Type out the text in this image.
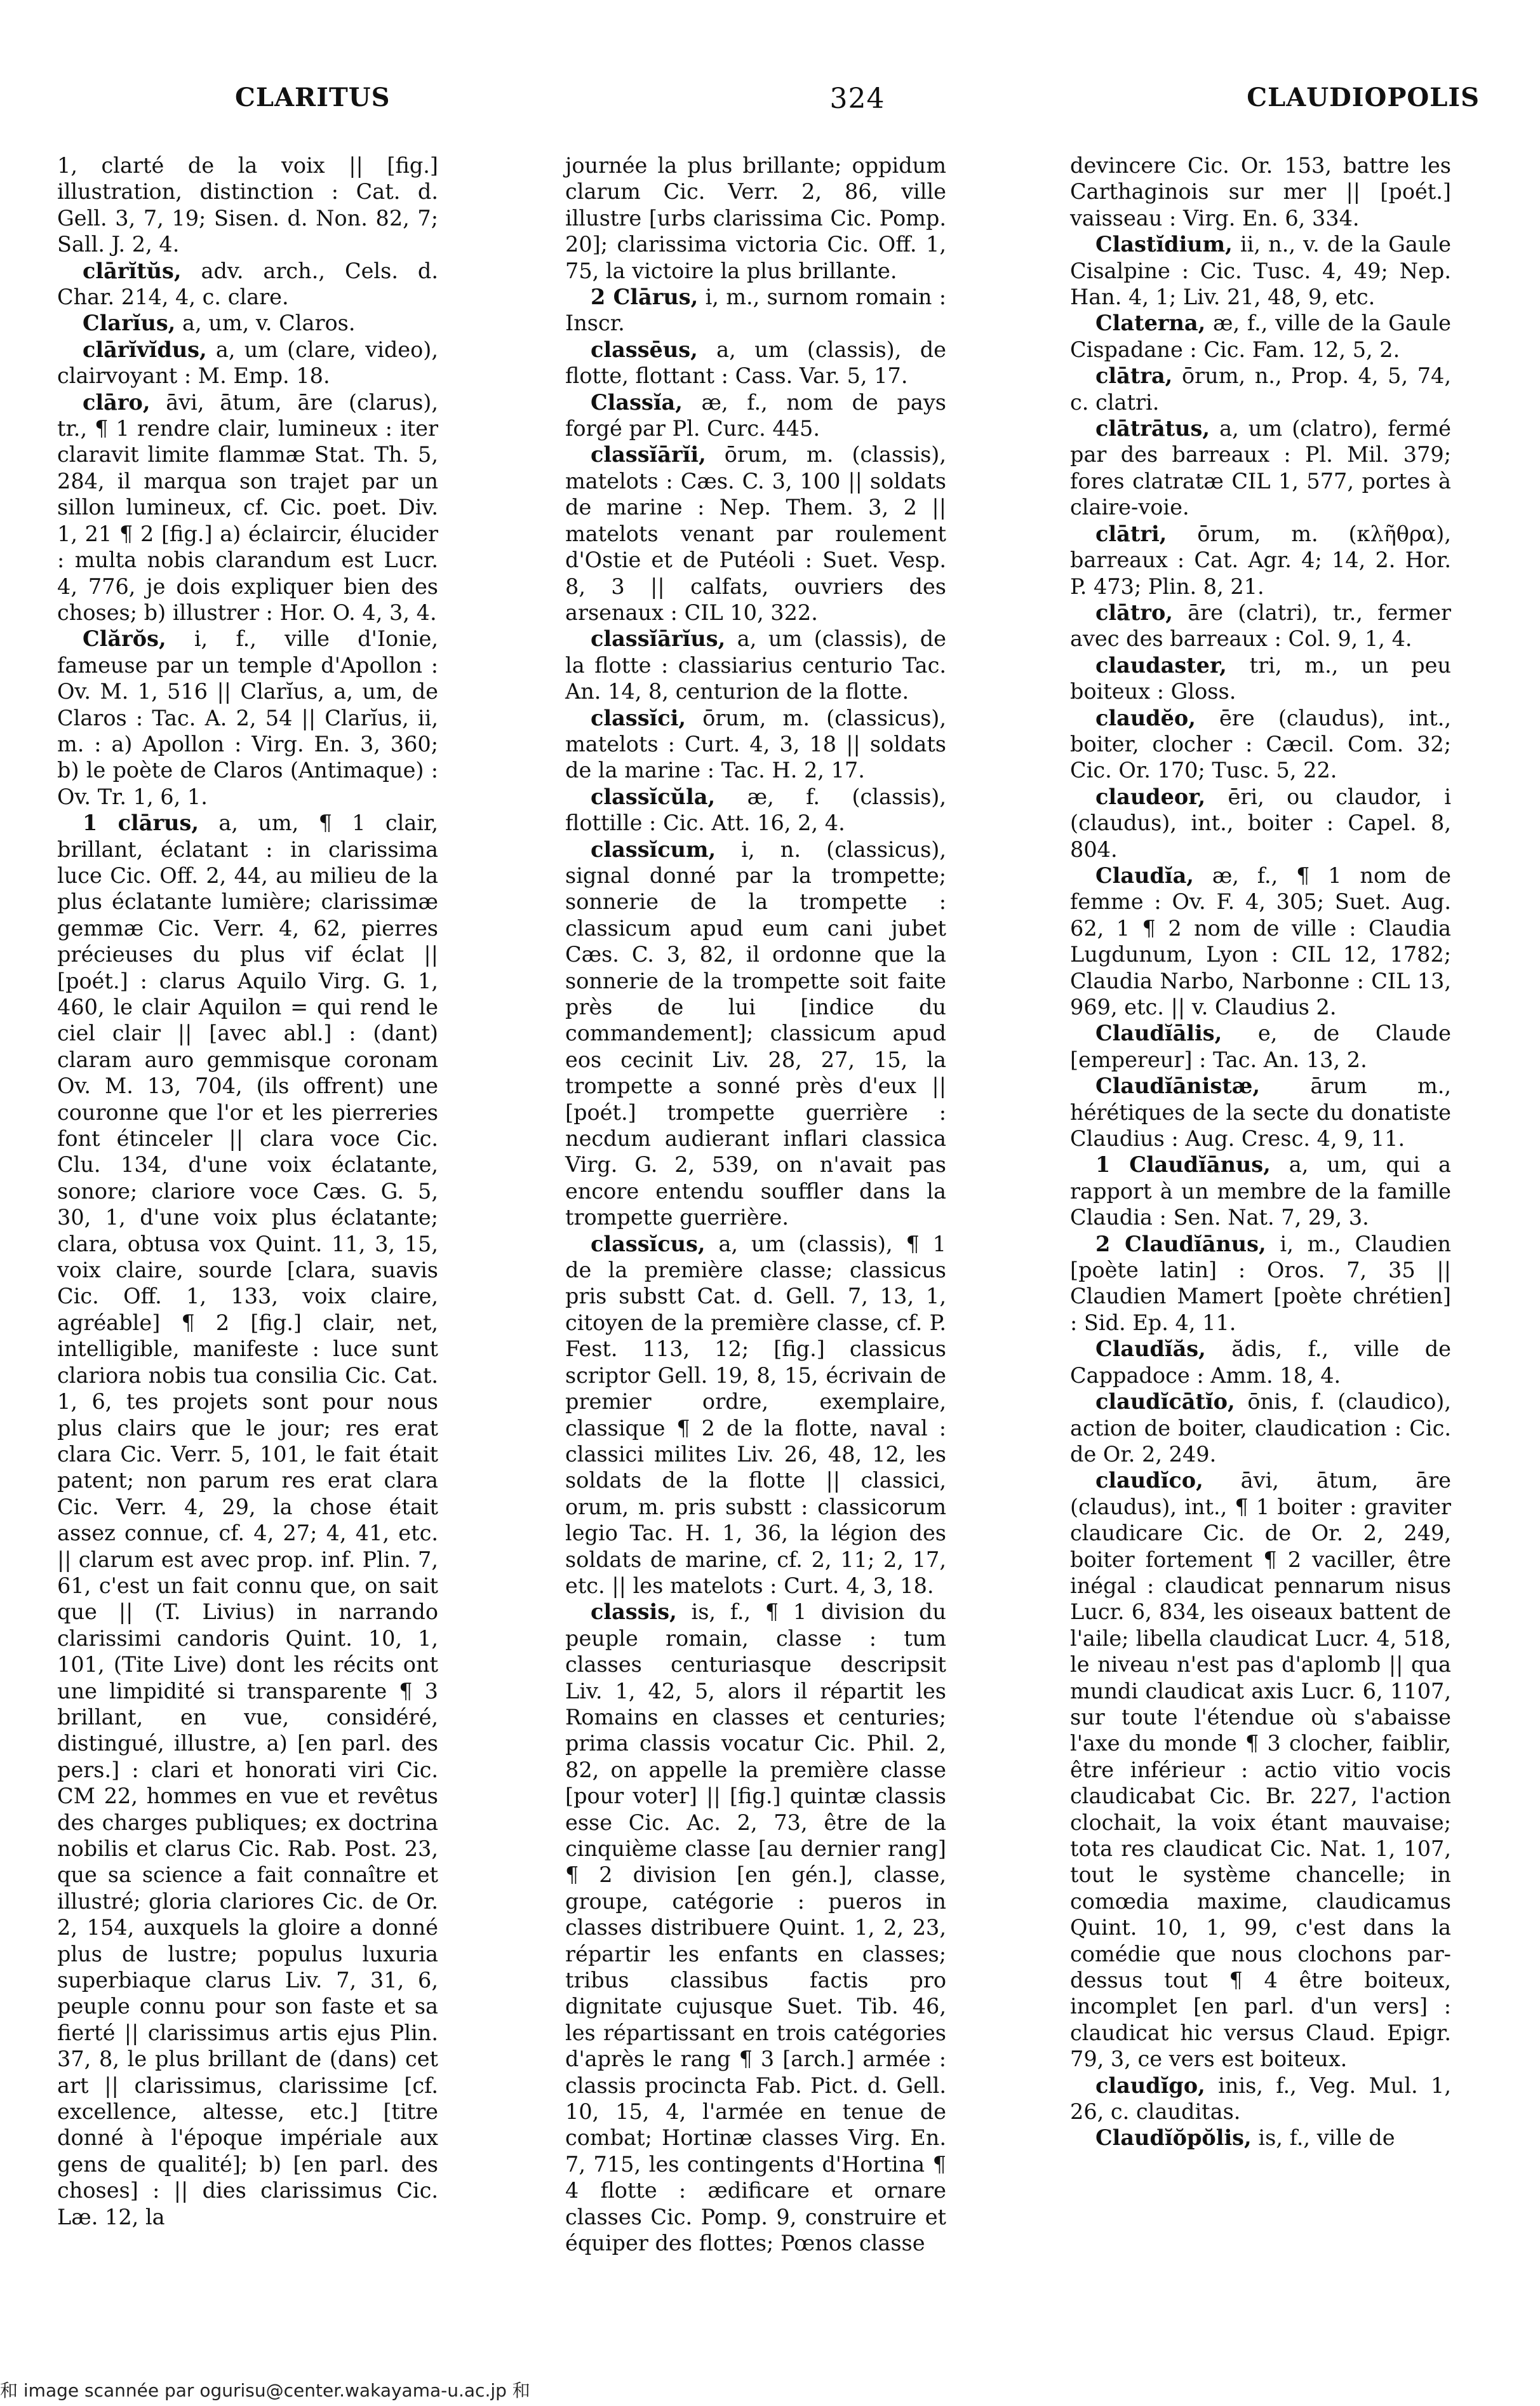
CLARITUS	324	CLAUDIOPOLIS

1, clarté de la voix || [fig.] illustration, distinction : Cat. d. Gell. 3, 7, 19; Sisen. d. Non. 82, 7; Sall. J. 2, 4.

clārĭtŭs, adv. arch., Cels. d. Char. 214, 4, c. clare.

Clarĭus, a, um, v. Claros.

clārĭvĭdus, a, um (clare, video), clairvoyant : M. Emp. 18.

clāro, āvi, ātum, āre (clarus), tr., ¶ 1 rendre clair, lumineux : iter claravit limite flammæ Stat. Th. 5, 284, il marqua son trajet par un sillon lumineux, cf. Cic. poet. Div. 1, 21 ¶ 2 [fig.] a) éclaircir, élucider : multa nobis clarandum est Lucr. 4, 776, je dois expliquer bien des choses; b) illustrer : Hor. O. 4, 3, 4.

Clărŏs, i, f., ville d'Ionie, fameuse par un temple d'Apollon : Ov. M. 1, 516 || Clarĭus, a, um, de Claros : Tac. A. 2, 54 || Clarĭus, ii, m. : a) Apollon : Virg. En. 3, 360; b) le poète de Claros (Antimaque) : Ov. Tr. 1, 6, 1.

1 clārus, a, um, ¶ 1 clair, brillant, éclatant : in clarissima luce Cic. Off. 2, 44, au milieu de la plus éclatante lumière; clarissimæ gemmæ Cic. Verr. 4, 62, pierres précieuses du plus vif éclat || [poét.] : clarus Aquilo Virg. G. 1, 460, le clair Aquilon = qui rend le ciel clair || [avec abl.] : (dant) claram auro gemmisque coronam Ov. M. 13, 704, (ils offrent) une couronne que l'or et les pierreries font étinceler || clara voce Cic. Clu. 134, d'une voix éclatante, sonore; clariore voce Cæs. G. 5, 30, 1, d'une voix plus éclatante; clara, obtusa vox Quint. 11, 3, 15, voix claire, sourde [clara, suavis Cic. Off. 1, 133, voix claire, agréable] ¶ 2 [fig.] clair, net, intelligible, manifeste : luce sunt clariora nobis tua consilia Cic. Cat. 1, 6, tes projets sont pour nous plus clairs que le jour; res erat clara Cic. Verr. 5, 101, le fait était patent; non parum res erat clara Cic. Verr. 4, 29, la chose était assez connue, cf. 4, 27; 4, 41, etc. || clarum est avec prop. inf. Plin. 7, 61, c'est un fait connu que, on sait que || (T. Livius) in narrando clarissimi candoris Quint. 10, 1, 101, (Tite Live) dont les récits ont une limpidité si transparente ¶ 3 brillant, en vue, considéré, distingué, illustre, a) [en parl. des pers.] : clari et honorati viri Cic. CM 22, hommes en vue et revêtus des charges publiques; ex doctrina nobilis et clarus Cic. Rab. Post. 23, que sa science a fait connaître et illustré; gloria clariores Cic. de Or. 2, 154, auxquels la gloire a donné plus de lustre; populus luxuria superbiaque clarus Liv. 7, 31, 6, peuple connu pour son faste et sa fierté || clarissimus artis ejus Plin. 37, 8, le plus brillant de (dans) cet art || clarissimus, clarissime [cf. excellence, altesse, etc.] [titre donné à l'époque impériale aux gens de qualité]; b) [en parl. des choses] : || dies clarissimus Cic. Læ. 12, la

journée la plus brillante; oppidum clarum Cic. Verr. 2, 86, ville illustre [urbs clarissima Cic. Pomp. 20]; clarissima victoria Cic. Off. 1, 75, la victoire la plus brillante.

2 Clārus, i, m., surnom romain : Inscr.

classēus, a, um (classis), de flotte, flottant : Cass. Var. 5, 17.

Classĭa, æ, f., nom de pays forgé par Pl. Curc. 445.

classĭārĭi, ōrum, m. (classis), matelots : Cæs. C. 3, 100 || soldats de marine : Nep. Them. 3, 2 || matelots venant par roulement d'Ostie et de Putéoli : Suet. Vesp. 8, 3 || calfats, ouvriers des arsenaux : CIL 10, 322.

classĭārĭus, a, um (classis), de la flotte : classiarius centurio Tac. An. 14, 8, centurion de la flotte.

classĭci, ōrum, m. (classicus), matelots : Curt. 4, 3, 18 || soldats de la marine : Tac. H. 2, 17.

classĭcŭla, æ, f. (classis), flottille : Cic. Att. 16, 2, 4.

classĭcum, i, n. (classicus), signal donné par la trompette; sonnerie de la trompette : classicum apud eum cani jubet Cæs. C. 3, 82, il ordonne que la sonnerie de la trompette soit faite près de lui [indice du commandement]; classicum apud eos cecinit Liv. 28, 27, 15, la trompette a sonné près d'eux || [poét.] trompette guerrière : necdum audierant inflari classica Virg. G. 2, 539, on n'avait pas encore entendu souffler dans la trompette guerrière.

classĭcus, a, um (classis), ¶ 1 de la première classe; classicus pris substt Cat. d. Gell. 7, 13, 1, citoyen de la première classe, cf. P. Fest. 113, 12; [fig.] classicus scriptor Gell. 19, 8, 15, écrivain de premier ordre, exemplaire, classique ¶ 2 de la flotte, naval : classici milites Liv. 26, 48, 12, les soldats de la flotte || classici, orum, m. pris substt : classicorum legio Tac. H. 1, 36, la légion des soldats de marine, cf. 2, 11; 2, 17, etc. || les matelots : Curt. 4, 3, 18.

classis, is, f., ¶ 1 division du peuple romain, classe : tum classes centuriasque descripsit Liv. 1, 42, 5, alors il répartit les Romains en classes et centuries; prima classis vocatur Cic. Phil. 2, 82, on appelle la première classe [pour voter] || [fig.] quintæ classis esse Cic. Ac. 2, 73, être de la cinquième classe [au dernier rang] ¶ 2 division [en gén.], classe, groupe, catégorie : pueros in classes distribuere Quint. 1, 2, 23, répartir les enfants en classes; tribus classibus factis pro dignitate cujusque Suet. Tib. 46, les répartissant en trois catégories d'après le rang ¶ 3 [arch.] armée : classis procincta Fab. Pict. d. Gell. 10, 15, 4, l'armée en tenue de combat; Hortinæ classes Virg. En. 7, 715, les contingents d'Hortina ¶ 4 flotte : ædificare et ornare classes Cic. Pomp. 9, construire et équiper des flottes; Pœnos classe

devincere Cic. Or. 153, battre les Carthaginois sur mer || [poét.] vaisseau : Virg. En. 6, 334.

Clastĭdium, ii, n., v. de la Gaule Cisalpine : Cic. Tusc. 4, 49; Nep. Han. 4, 1; Liv. 21, 48, 9, etc.

Claterna, æ, f., ville de la Gaule Cispadane : Cic. Fam. 12, 5, 2.

clātra, ōrum, n., Prop. 4, 5, 74, c. clatri.

clātrātus, a, um (clatro), fermé par des barreaux : Pl. Mil. 379; fores clatratæ CIL 1, 577, portes à claire-voie.

clātri, ōrum, m. (κλῆθρα), barreaux : Cat. Agr. 4; 14, 2. Hor. P. 473; Plin. 8, 21.

clātro, āre (clatri), tr., fermer avec des barreaux : Col. 9, 1, 4.

claudaster, tri, m., un peu boiteux : Gloss.

claudĕo, ēre (claudus), int., boiter, clocher : Cæcil. Com. 32; Cic. Or. 170; Tusc. 5, 22.

claudeor, ēri, ou claudor, i (claudus), int., boiter : Capel. 8, 804.

Claudĭa, æ, f., ¶ 1 nom de femme : Ov. F. 4, 305; Suet. Aug. 62, 1 ¶ 2 nom de ville : Claudia Lugdunum, Lyon : CIL 12, 1782; Claudia Narbo, Narbonne : CIL 13, 969, etc. || v. Claudius 2.

Claudĭālis, e, de Claude [empereur] : Tac. An. 13, 2.

Claudĭānistæ, ārum m., hérétiques de la secte du donatiste Claudius : Aug. Cresc. 4, 9, 11.

1 Claudĭānus, a, um, qui a rapport à un membre de la famille Claudia : Sen. Nat. 7, 29, 3.

2 Claudĭānus, i, m., Claudien [poète latin] : Oros. 7, 35 || Claudien Mamert [poète chrétien] : Sid. Ep. 4, 11.

Claudĭăs, ădis, f., ville de Cappadoce : Amm. 18, 4.

claudĭcātĭo, ōnis, f. (claudico), action de boiter, claudication : Cic. de Or. 2, 249.

claudĭco, āvi, ātum, āre (claudus), int., ¶ 1 boiter : graviter claudicare Cic. de Or. 2, 249, boiter fortement ¶ 2 vaciller, être inégal : claudicat pennarum nisus Lucr. 6, 834, les oiseaux battent de l'aile; libella claudicat Lucr. 4, 518, le niveau n'est pas d'aplomb || qua mundi claudicat axis Lucr. 6, 1107, sur toute l'étendue où s'abaisse l'axe du monde ¶ 3 clocher, faiblir, être inférieur : actio vitio vocis claudicabat Cic. Br. 227, l'action clochait, la voix étant mauvaise; tota res claudicat Cic. Nat. 1, 107, tout le système chancelle; in comœdia maxime, claudicamus Quint. 10, 1, 99, c'est dans la comédie que nous clochons par-dessus tout ¶ 4 être boiteux, incomplet [en parl. d'un vers] : claudicat hic versus Claud. Epigr. 79, 3, ce vers est boiteux.

claudĭgo, inis, f., Veg. Mul. 1, 26, c. clauditas.

Claudĭŏpŏlis, is, f., ville de

和 image scannée par ogurisu@center.wakayama-u.ac.jp 和
